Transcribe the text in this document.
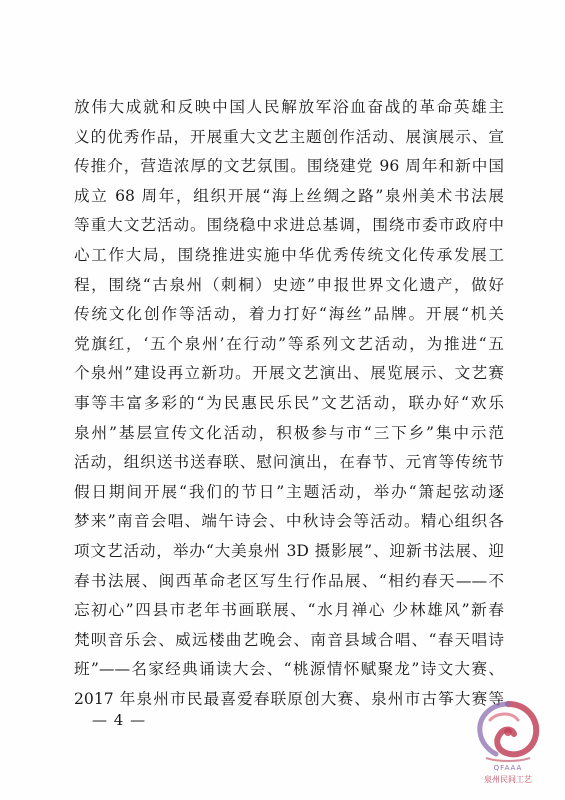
放伟大成就和反映中国人民解放军浴血奋战的革命英雄主
义的优秀作品，开展重大文艺主题创作活动、展演展示、宣
传推介，营造浓厚的文艺氛围。围绕建党 96 周年和新中国
成立 68 周年，组织开展“海上丝绸之路”泉州美术书法展
等重大文艺活动。围绕稳中求进总基调，围绕市委市政府中
心工作大局，围绕推进实施中华优秀传统文化传承发展工
程，围绕“古泉州（刺桐）史迹”申报世界文化遗产，做好
传统文化创作等活动，着力打好“海丝”品牌。开展“机关
党旗红，‘五个泉州’在行动”等系列文艺活动，为推进“五
个泉州”建设再立新功。开展文艺演出、展览展示、文艺赛
事等丰富多彩的“为民惠民乐民”文艺活动，联办好“欢乐
泉州”基层宣传文化活动，积极参与市“三下乡”集中示范
活动，组织送书送春联、慰问演出，在春节、元宵等传统节
假日期间开展“我们的节日”主题活动，举办“箫起弦动逐
梦来”南音会唱、端午诗会、中秋诗会等活动。精心组织各
项文艺活动，举办“大美泉州 3D 摄影展”、迎新书法展、迎
春书法展、闽西革命老区写生行作品展、“相约春天——不
忘初心”四县市老年书画联展、“水月禅心 少林雄风”新春
梵呗音乐会、威远楼曲艺晚会、南音县域合唱、“春天唱诗
班”——名家经典诵读大会、“桃源情怀赋聚龙”诗文大赛、
2017 年泉州市民最喜爱春联原创大赛、泉州市古筝大赛等
— 4 —
QFAAA
泉州民间工艺
